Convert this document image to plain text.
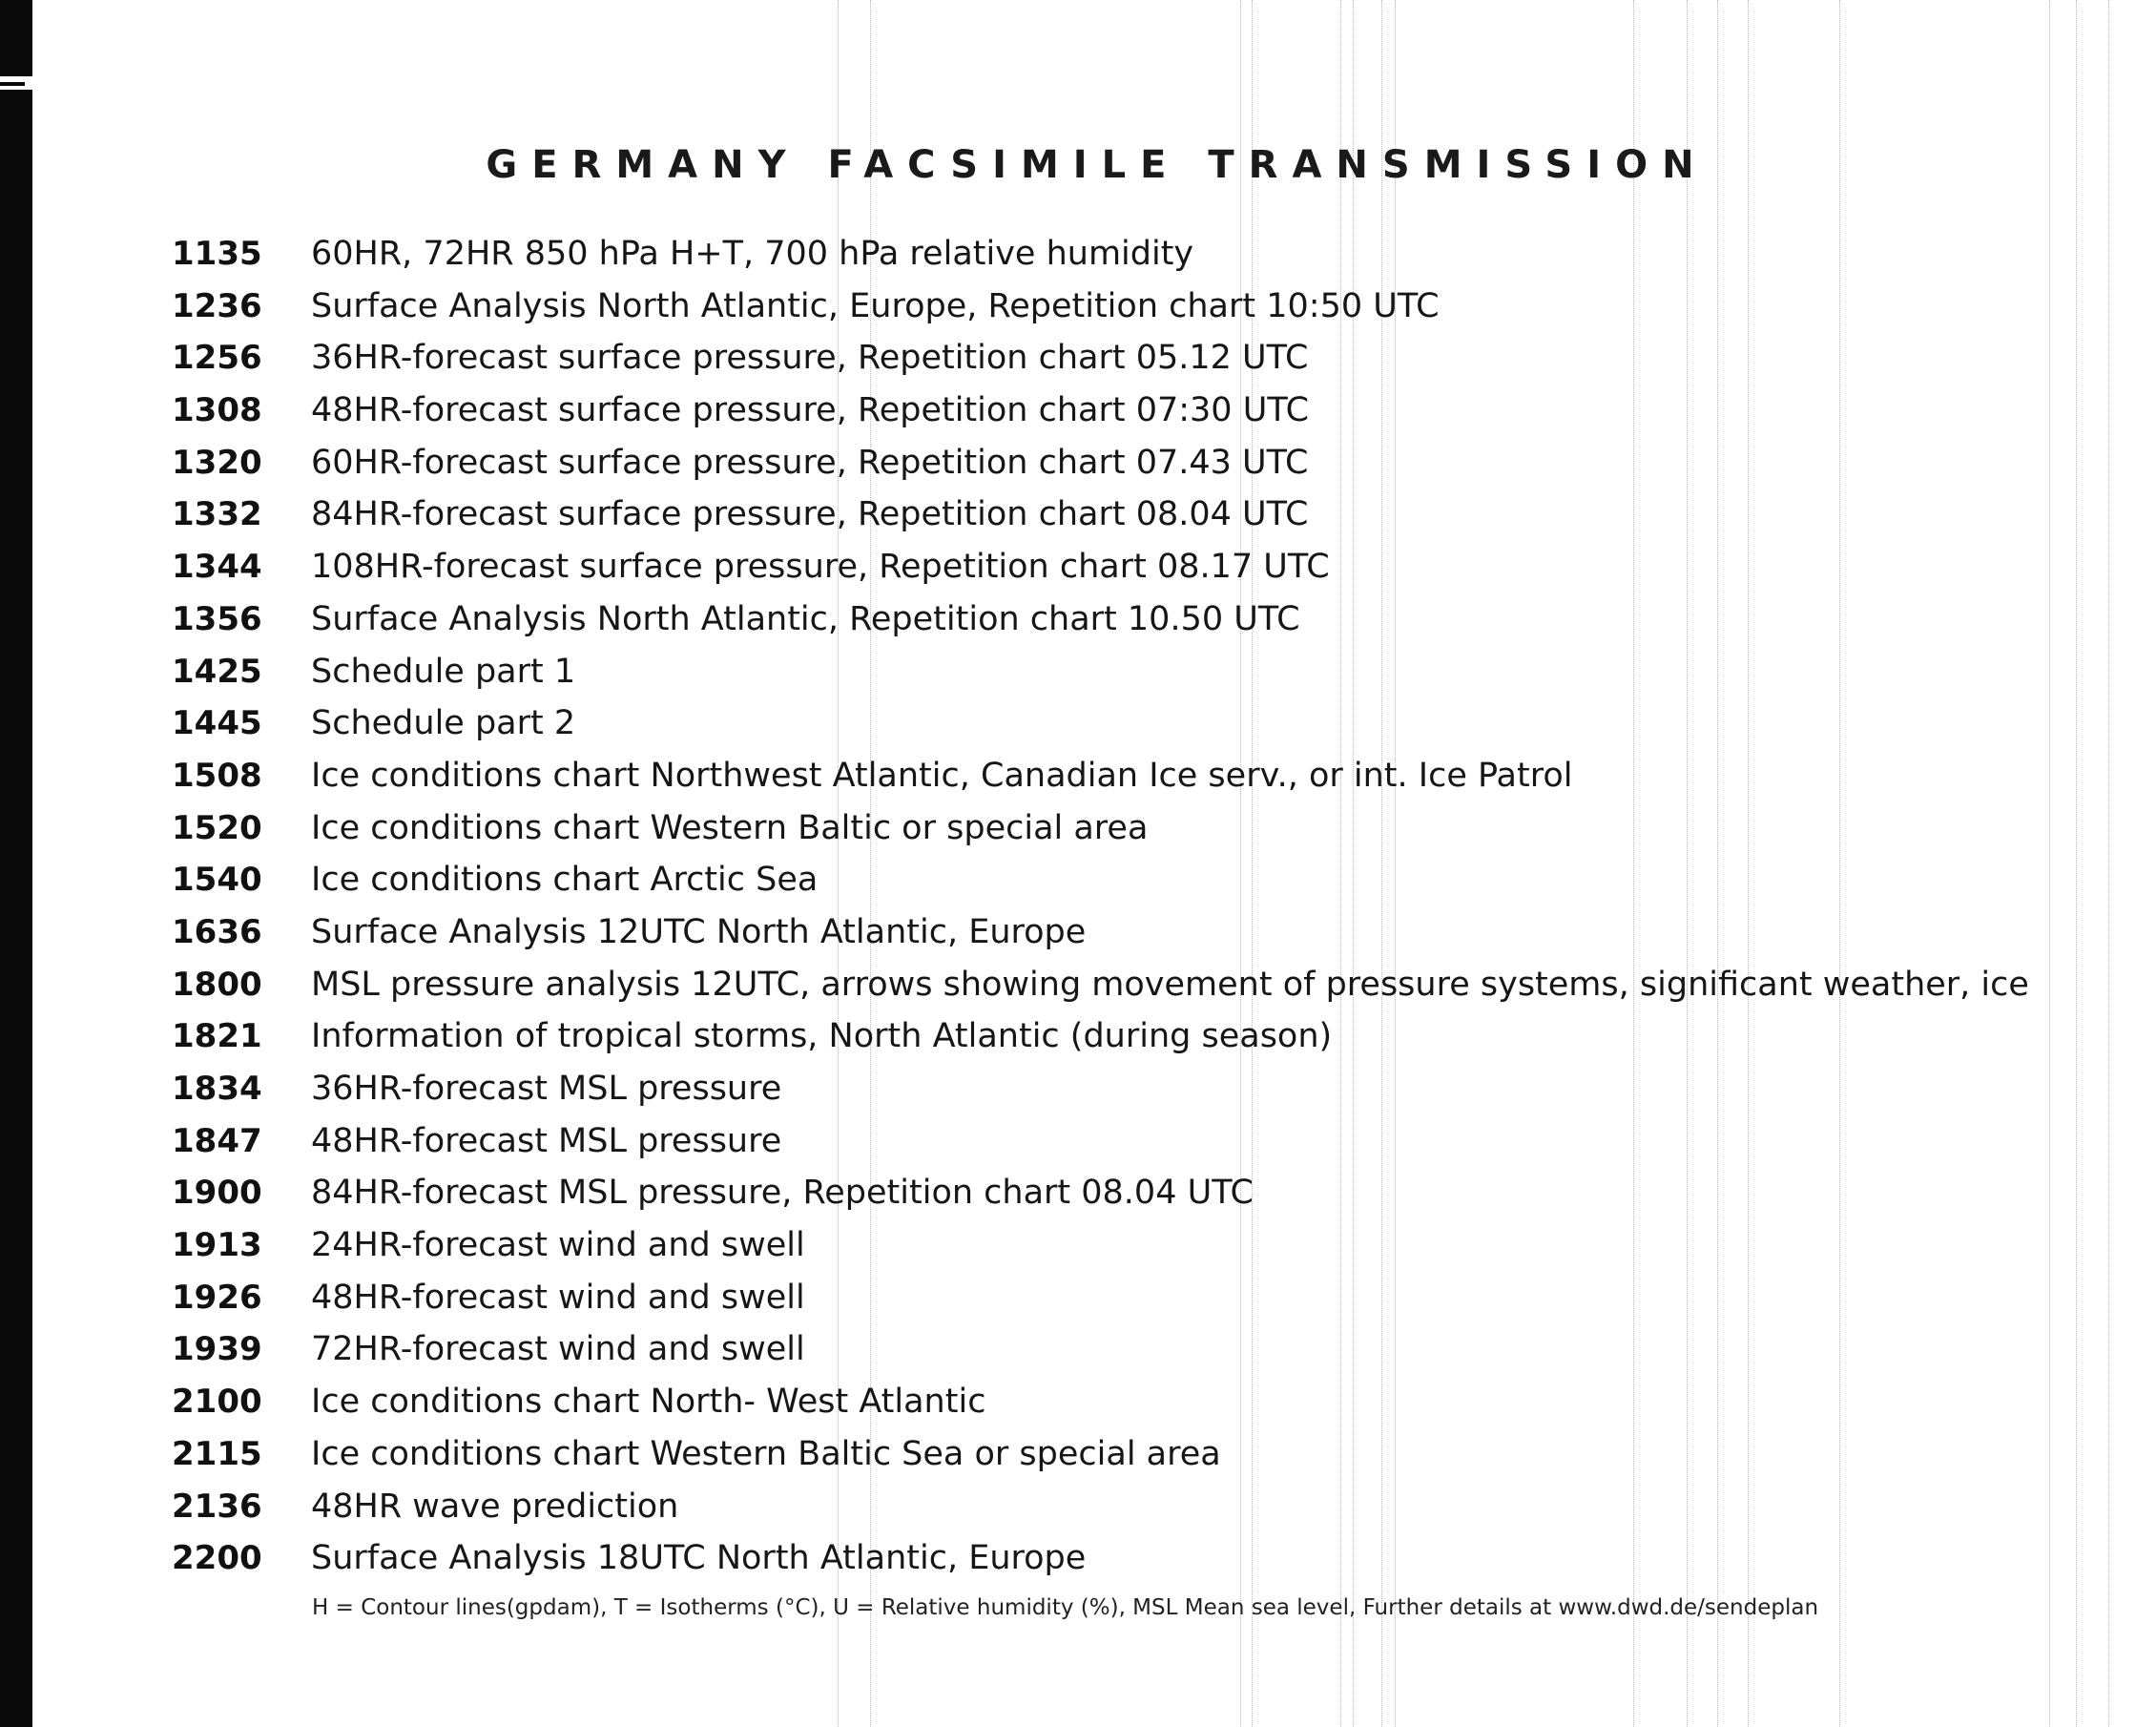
GERMANY FACSIMILE TRANSMISSION
1135	60HR, 72HR 850 hPa H+T, 700 hPa relative humidity
1236	Surface Analysis North Atlantic, Europe, Repetition chart 10:50 UTC
1256	36HR-forecast surface pressure, Repetition chart 05.12 UTC
1308	48HR-forecast surface pressure, Repetition chart 07:30 UTC
1320	60HR-forecast surface pressure, Repetition chart 07.43 UTC
1332	84HR-forecast surface pressure, Repetition chart 08.04 UTC
1344	108HR-forecast surface pressure, Repetition chart 08.17 UTC
1356	Surface Analysis North Atlantic, Repetition chart 10.50 UTC
1425	Schedule part 1
1445	Schedule part 2
1508	Ice conditions chart Northwest Atlantic, Canadian Ice serv., or int. Ice Patrol
1520	Ice conditions chart Western Baltic or special area
1540	Ice conditions chart Arctic Sea
1636	Surface Analysis 12UTC North Atlantic, Europe
1800	MSL pressure analysis 12UTC, arrows showing movement of pressure systems, significant weather, ice
1821	Information of tropical storms, North Atlantic (during season)
1834	36HR-forecast MSL pressure
1847	48HR-forecast MSL pressure
1900	84HR-forecast MSL pressure, Repetition chart 08.04 UTC
1913	24HR-forecast wind and swell
1926	48HR-forecast wind and swell
1939	72HR-forecast wind and swell
2100	Ice conditions chart North- West Atlantic
2115	Ice conditions chart Western Baltic Sea or special area
2136	48HR wave prediction
2200	Surface Analysis 18UTC North Atlantic, Europe
H = Contour lines(gpdam), T = Isotherms (°C), U = Relative humidity (%), MSL Mean sea level, Further details at www.dwd.de/sendeplan
